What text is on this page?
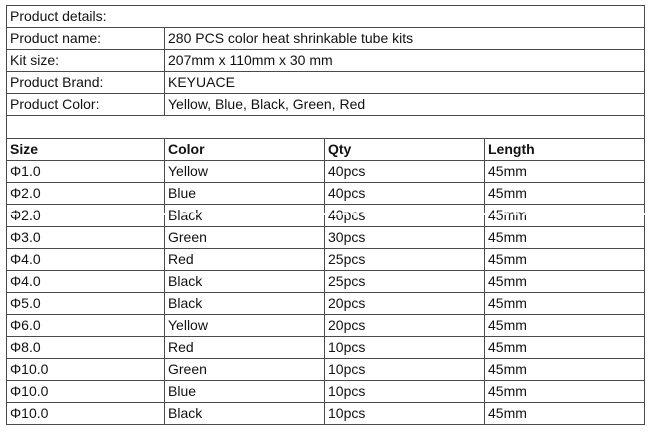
Product details:			
Product name:	280 PCS color heat shrinkable tube kits		
Kit size:	207mm x 110mm x 30 mm		
Product Brand:	KEYUACE		
Product Color:	Yellow, Blue, Black, Green, Red		

Size	Color	Qty	Length
Φ1.0	Yellow	40pcs	45mm
Φ2.0	Blue	40pcs	45mm
Φ2.0	Black	40pcs	45mm
Φ3.0	Green	30pcs	45mm
Φ4.0	Red	25pcs	45mm
Φ4.0	Black	25pcs	45mm
Φ5.0	Black	20pcs	45mm
Φ6.0	Yellow	20pcs	45mm
Φ8.0	Red	10pcs	45mm
Φ10.0	Green	10pcs	45mm
Φ10.0	Blue	10pcs	45mm
Φ10.0	Black	10pcs	45mm
